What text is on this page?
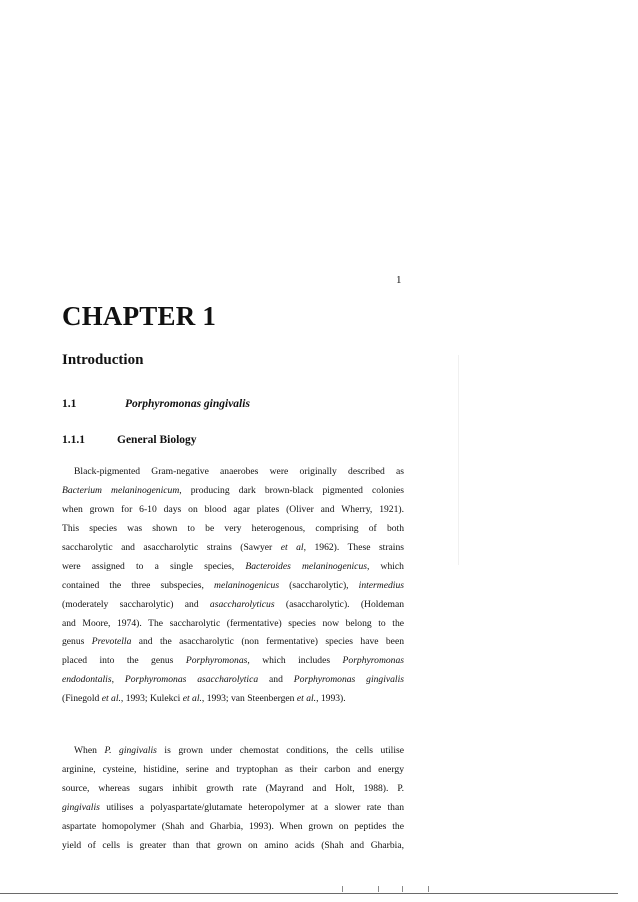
1
CHAPTER 1
Introduction
1.1	Porphyromonas gingivalis
1.1.1	General Biology
Black-pigmented Gram-negative anaerobes were originally described as
Bacterium melaninogenicum, producing dark brown-black pigmented colonies
when grown for 6-10 days on blood agar plates (Oliver and Wherry, 1921).
This species was shown to be very heterogenous, comprising of both
saccharolytic and asaccharolytic strains (Sawyer et al, 1962). These strains
were assigned to a single species, Bacteroides melaninogenicus, which
contained the three subspecies, melaninogenicus (saccharolytic), intermedius
(moderately saccharolytic) and asaccharolyticus (asaccharolytic). (Holdeman
and Moore, 1974). The saccharolytic (fermentative) species now belong to the
genus Prevotella and the asaccharolytic (non fermentative) species have been
placed into the genus Porphyromonas, which includes Porphyromonas
endodontalis, Porphyromonas asaccharolytica and Porphyromonas gingivalis
(Finegold et al., 1993; Kulekci et al., 1993; van Steenbergen et al., 1993).
When P. gingivalis is grown under chemostat conditions, the cells utilise
arginine, cysteine, histidine, serine and tryptophan as their carbon and energy
source, whereas sugars inhibit growth rate (Mayrand and Holt, 1988). P.
gingivalis utilises a polyaspartate/glutamate heteropolymer at a slower rate than
aspartate homopolymer (Shah and Gharbia, 1993). When grown on peptides the
yield of cells is greater than that grown on amino acids (Shah and Gharbia,
